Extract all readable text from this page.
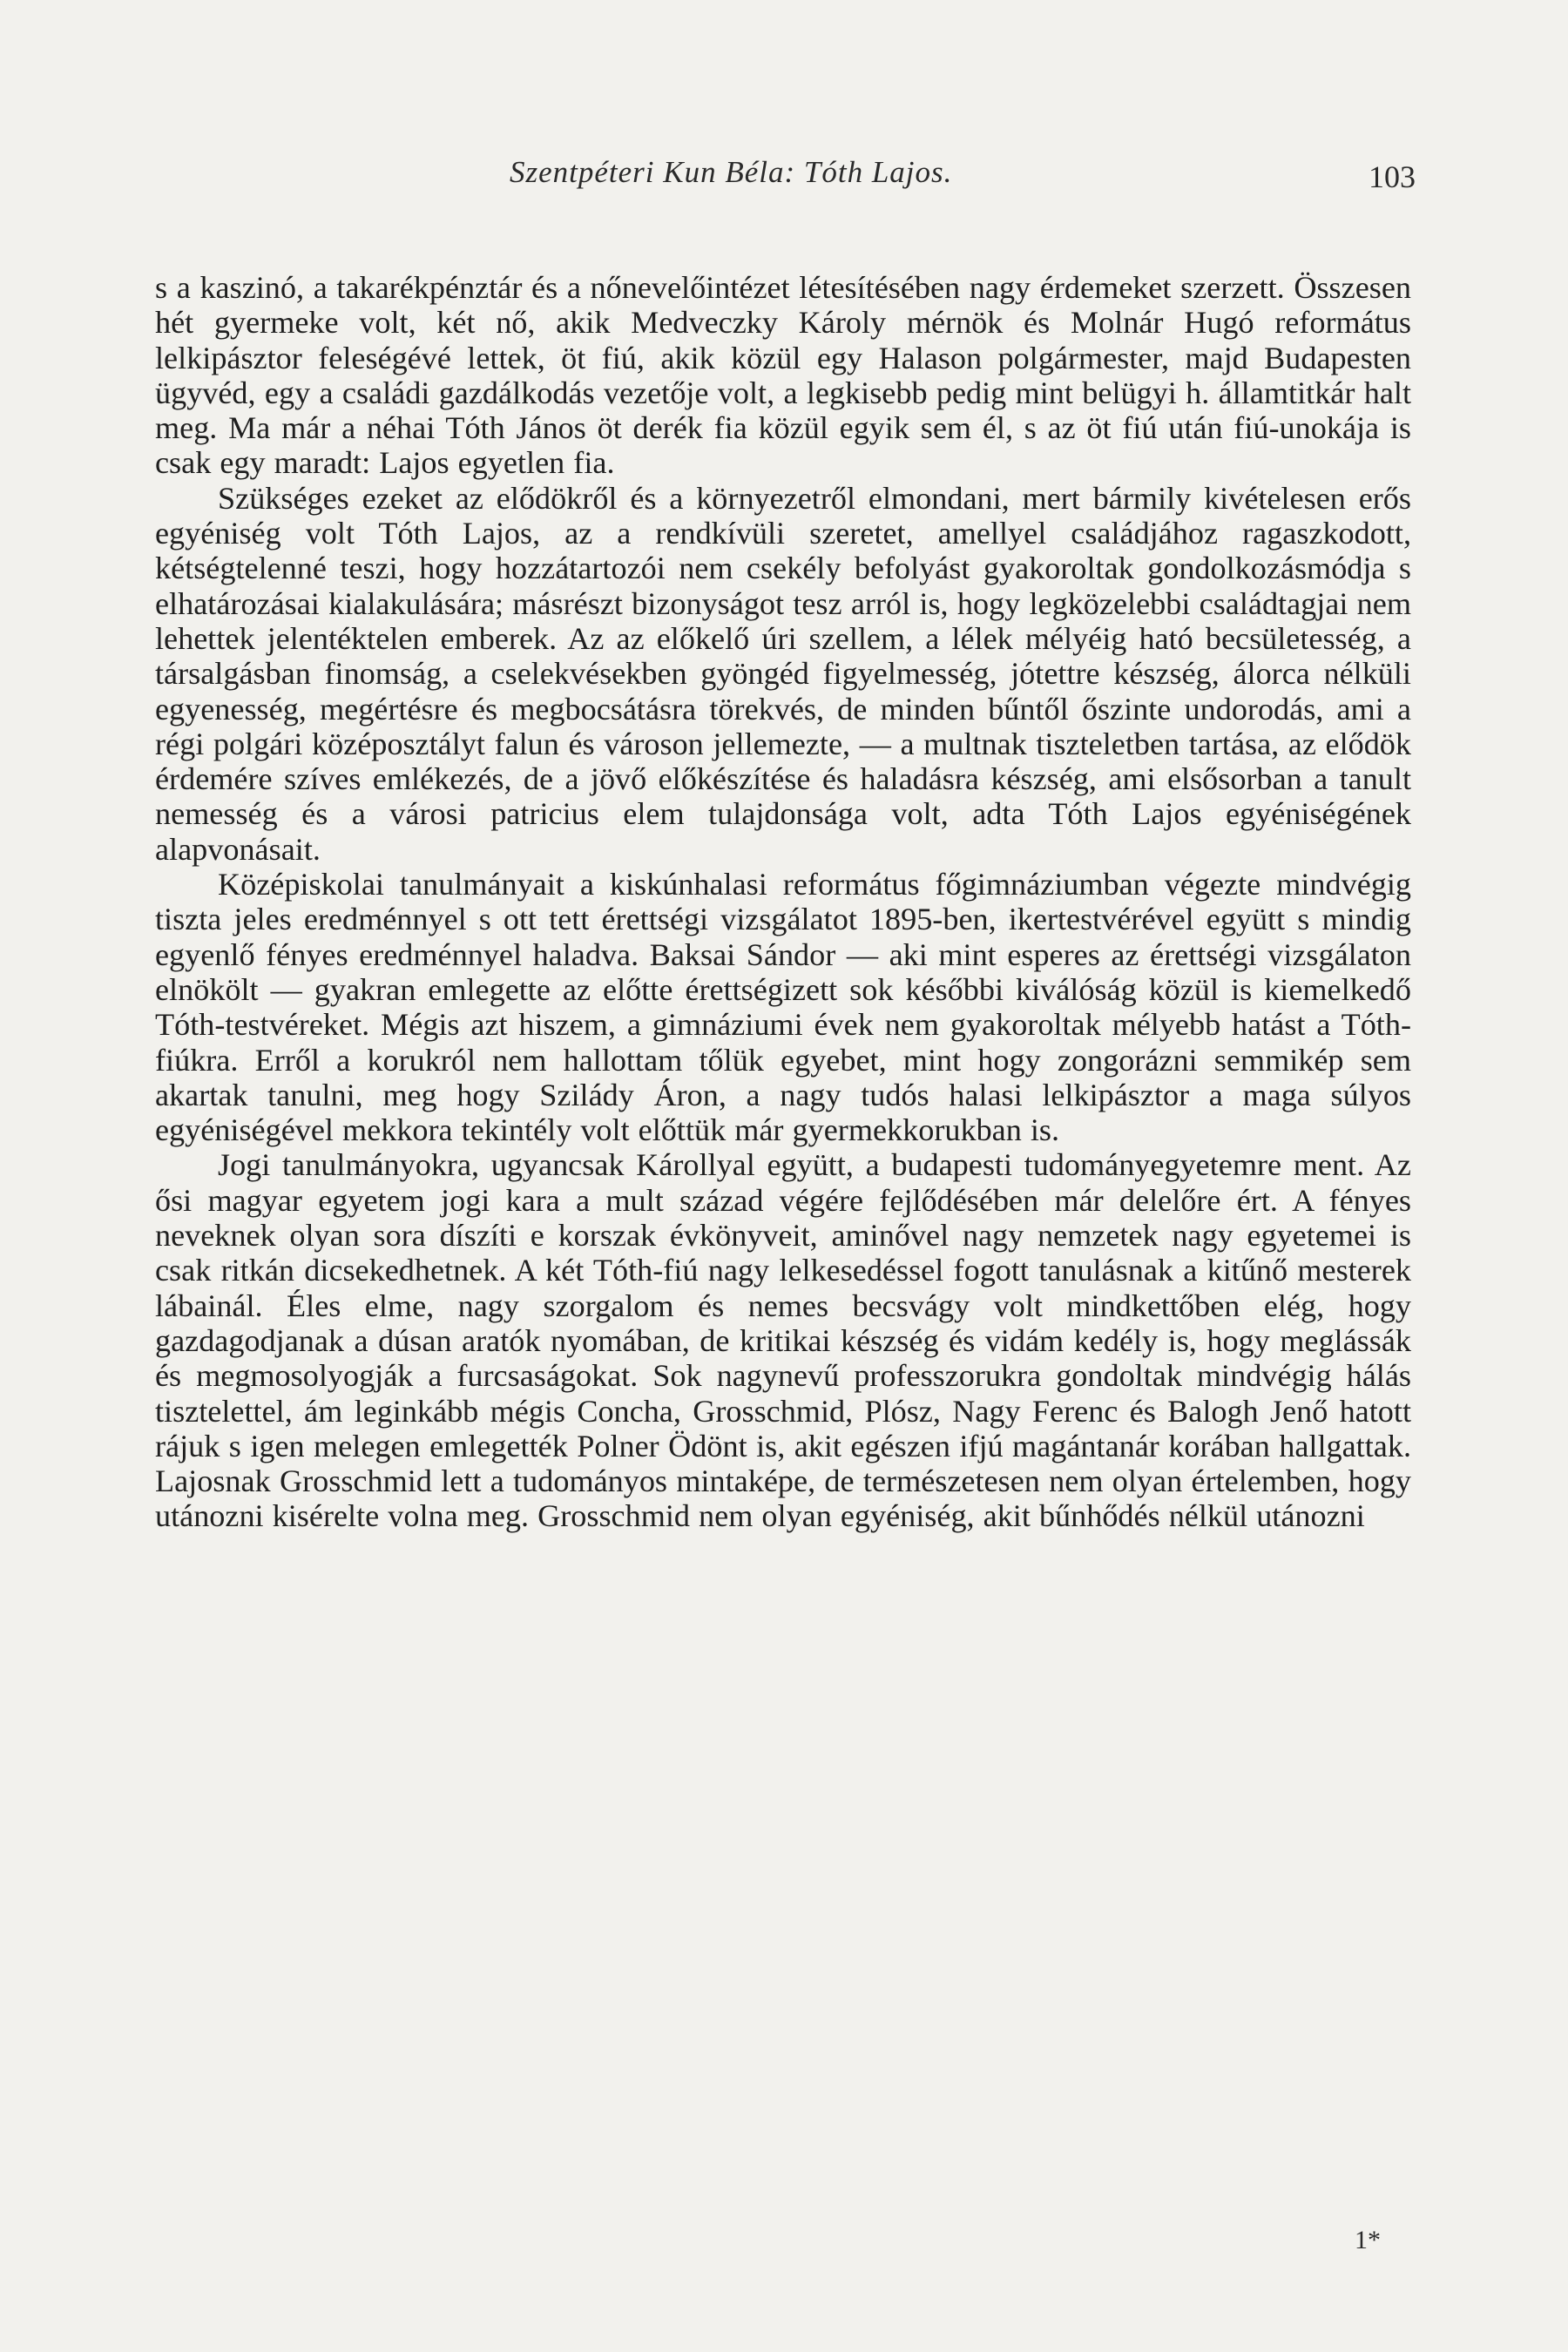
Szentpéteri Kun Béla: Tóth Lajos.	103

s a kaszinó, a takarékpénztár és a nőnevelőintézet létesítésében nagy érdemeket szerzett. Összesen hét gyermeke volt, két nő, akik Medveczky Károly mérnök és Molnár Hugó református lelkipásztor feleségévé lettek, öt fiú, akik közül egy Halason polgármester, majd Budapesten ügyvéd, egy a családi gazdálkodás vezetője volt, a legkisebb pedig mint belügyi h. államtitkár halt meg. Ma már a néhai Tóth János öt derék fia közül egyik sem él, s az öt fiú után fiú-unokája is csak egy maradt: Lajos egyetlen fia.

Szükséges ezeket az elődökről és a környezetről elmondani, mert bármily kivételesen erős egyéniség volt Tóth Lajos, az a rendkívüli szeretet, amellyel családjához ragaszkodott, kétségtelenné teszi, hogy hozzátartozói nem csekély befolyást gyakoroltak gondolkozásmódja s elhatározásai kialakulására; másrészt bizonyságot tesz arról is, hogy legközelebbi családtagjai nem lehettek jelentéktelen emberek. Az az előkelő úri szellem, a lélek mélyéig ható becsületesség, a társalgásban finomság, a cselekvésekben gyöngéd figyelmesség, jótettre készség, álorca nélküli egyenesség, megértésre és megbocsátásra törekvés, de minden bűntől őszinte undorodás, ami a régi polgári középosztályt falun és városon jellemezte, — a multnak tiszteletben tartása, az elődök érdemére szíves emlékezés, de a jövő előkészítése és haladásra készség, ami elsősorban a tanult nemesség és a városi patricius elem tulajdonsága volt, adta Tóth Lajos egyéniségének alapvonásait.

Középiskolai tanulmányait a kiskúnhalasi református főgimnáziumban végezte mindvégig tiszta jeles eredménnyel s ott tett érettségi vizsgálatot 1895-ben, ikertestvérével együtt s mindig egyenlő fényes eredménnyel haladva. Baksai Sándor — aki mint esperes az érettségi vizsgálaton elnökölt — gyakran emlegette az előtte érettségizett sok későbbi kiválóság közül is kiemelkedő Tóth-testvéreket. Mégis azt hiszem, a gimnáziumi évek nem gyakoroltak mélyebb hatást a Tóth-fiúkra. Erről a korukról nem hallottam tőlük egyebet, mint hogy zongorázni semmikép sem akartak tanulni, meg hogy Szilády Áron, a nagy tudós halasi lelkipásztor a maga súlyos egyéniségével mekkora tekintély volt előttük már gyermekkorukban is.

Jogi tanulmányokra, ugyancsak Károllyal együtt, a budapesti tudományegyetemre ment. Az ősi magyar egyetem jogi kara a mult század végére fejlődésében már delelőre ért. A fényes neveknek olyan sora díszíti e korszak évkönyveit, aminővel nagy nemzetek nagy egyetemei is csak ritkán dicsekedhetnek. A két Tóth-fiú nagy lelkesedéssel fogott tanulásnak a kitűnő mesterek lábainál. Éles elme, nagy szorgalom és nemes becsvágy volt mindkettőben elég, hogy gazdagodjanak a dúsan aratók nyomában, de kritikai készség és vidám kedély is, hogy meglássák és megmosolyogják a furcsaságokat. Sok nagynevű professzorukra gondoltak mindvégig hálás tisztelettel, ám leginkább mégis Concha, Grosschmid, Plósz, Nagy Ferenc és Balogh Jenő hatott rájuk s igen melegen emlegették Polner Ödönt is, akit egészen ifjú magántanár korában hallgattak. Lajosnak Grosschmid lett a tudományos mintaképe, de természetesen nem olyan értelemben, hogy utánozni kisérelte volna meg. Grosschmid nem olyan egyéniség, akit bűnhődés nélkül utánozni

1*
